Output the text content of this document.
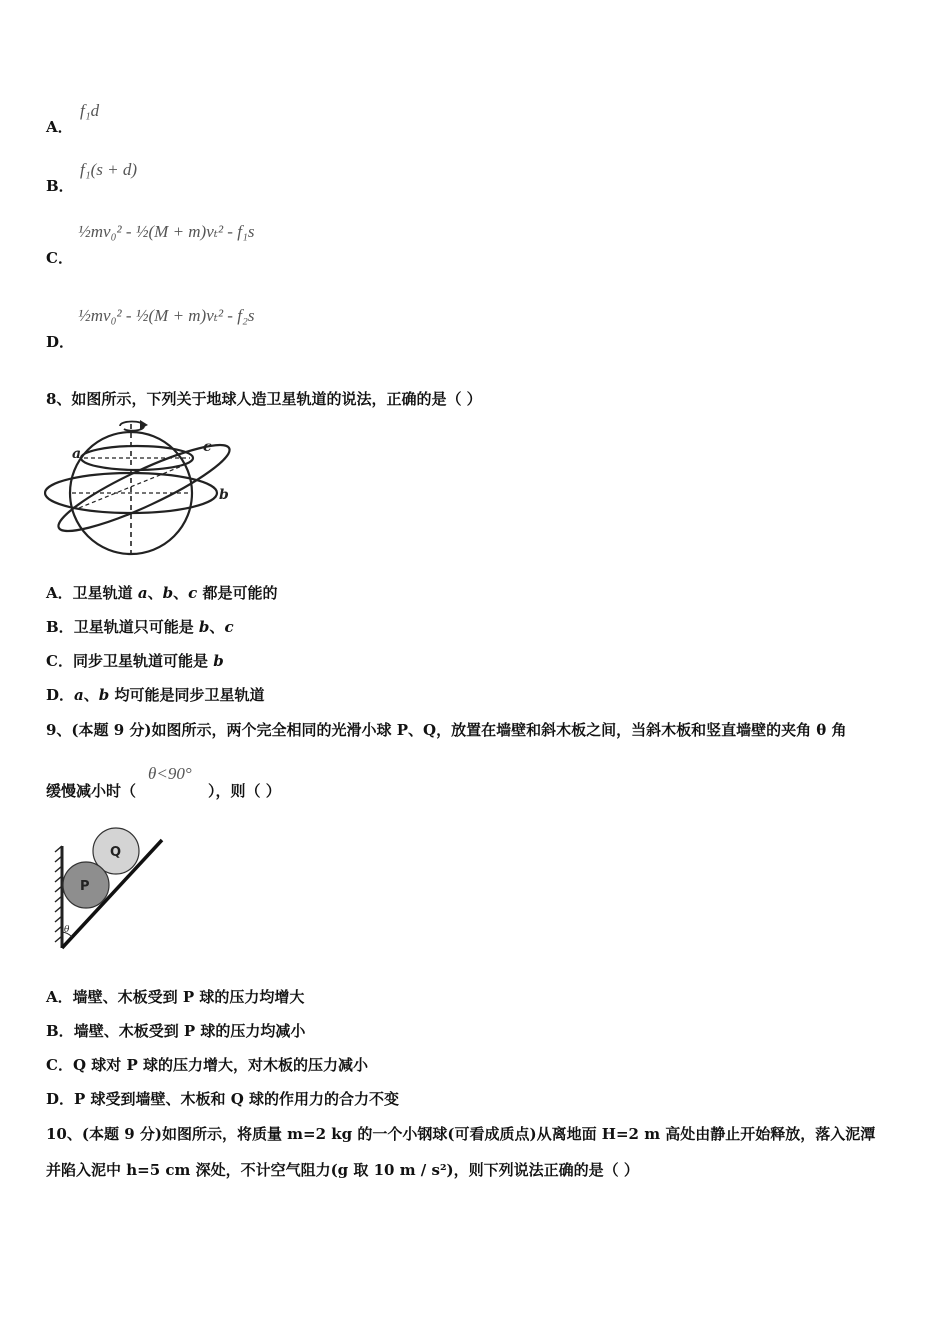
A．
f₁d
B．
f₁(s + d)
C．
½mv₀² - ½(M + m)vₜ² - f₁s
D．
½mv₀² - ½(M + m)vₜ² - f₂s
8、如图所示，下列关于地球人造卫星轨道的说法，正确的是（ ）
a
b
c
A．卫星轨道 a、b、c 都是可能的
B．卫星轨道只可能是 b、c
C．同步卫星轨道可能是 b
D．a、b 均可能是同步卫星轨道
9、(本题 9 分)如图所示，两个完全相同的光滑小球 P、Q，放置在墙壁和斜木板之间，当斜木板和竖直墙壁的夹角 θ 角
缓慢减小时（	），则（ ）
θ<90°
Q
P
θ
A．墙壁、木板受到 P 球的压力均增大
B．墙壁、木板受到 P 球的压力均减小
C．Q 球对 P 球的压力增大，对木板的压力减小
D．P 球受到墙壁、木板和 Q 球的作用力的合力不变
10、(本题 9 分)如图所示，将质量 m=2 kg 的一个小钢球(可看成质点)从离地面 H=2 m 高处由静止开始释放，落入泥潭
并陷入泥中 h=5 cm 深处，不计空气阻力(g 取 10 m / s²)，则下列说法正确的是（ ）
